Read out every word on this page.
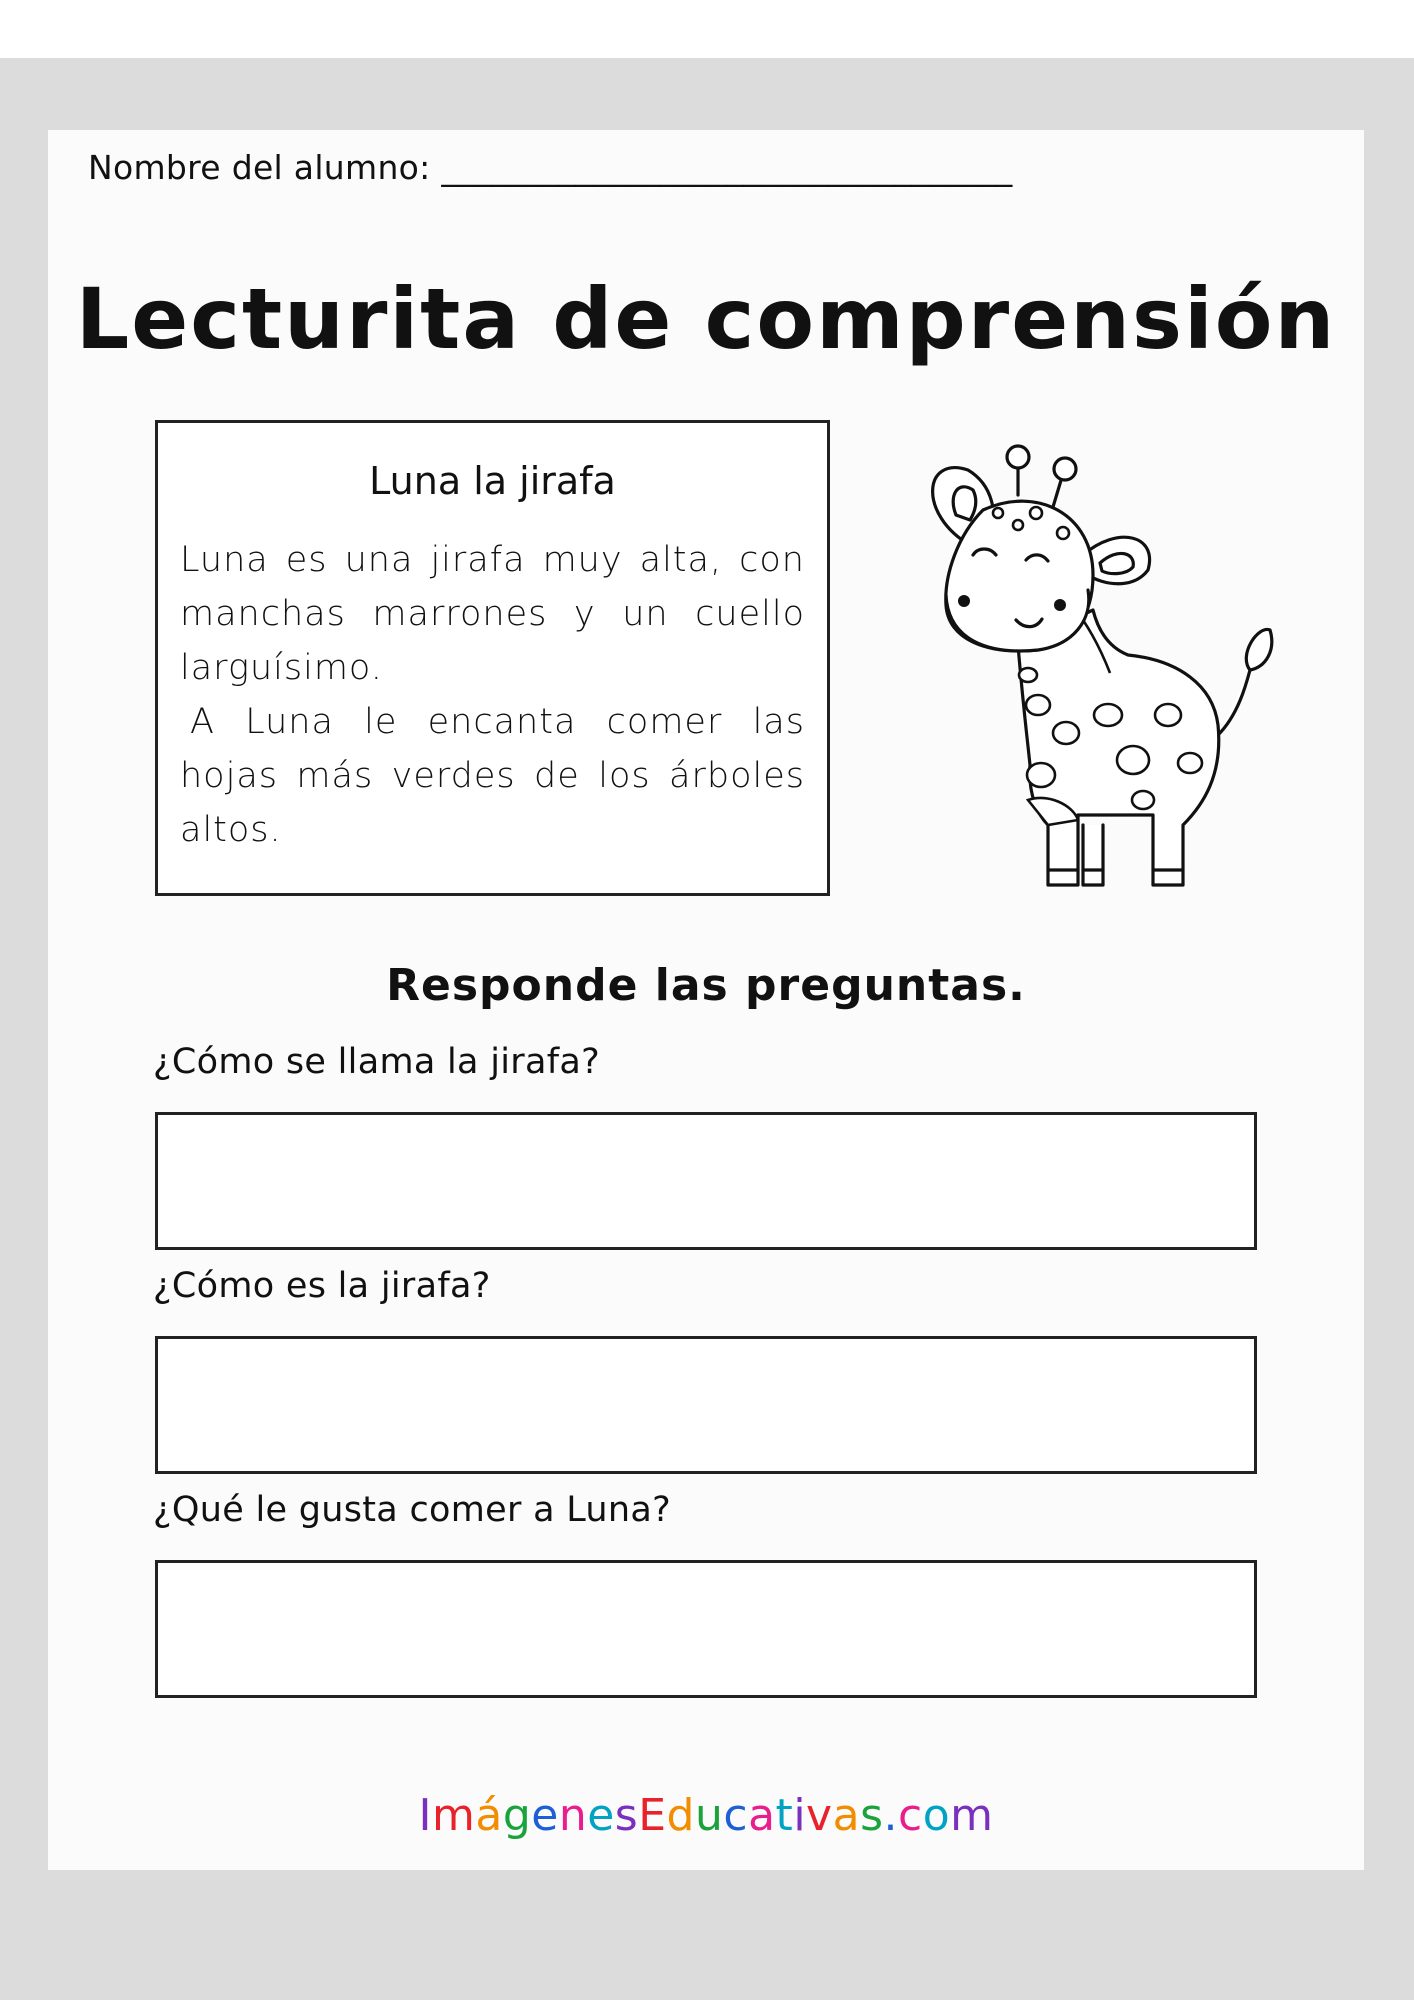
Nombre del alumno: __________________________________
Lecturita de comprensión
Luna la jirafa

Luna es una jirafa muy alta, con manchas marrones y un cuello larguísimo.

A Luna le encanta comer las hojas más verdes de los árboles altos.

Responde las preguntas.
¿Cómo se llama la jirafa?
¿Cómo es la jirafa?
¿Qué le gusta comer a Luna?
ImágenesEducativas.com
